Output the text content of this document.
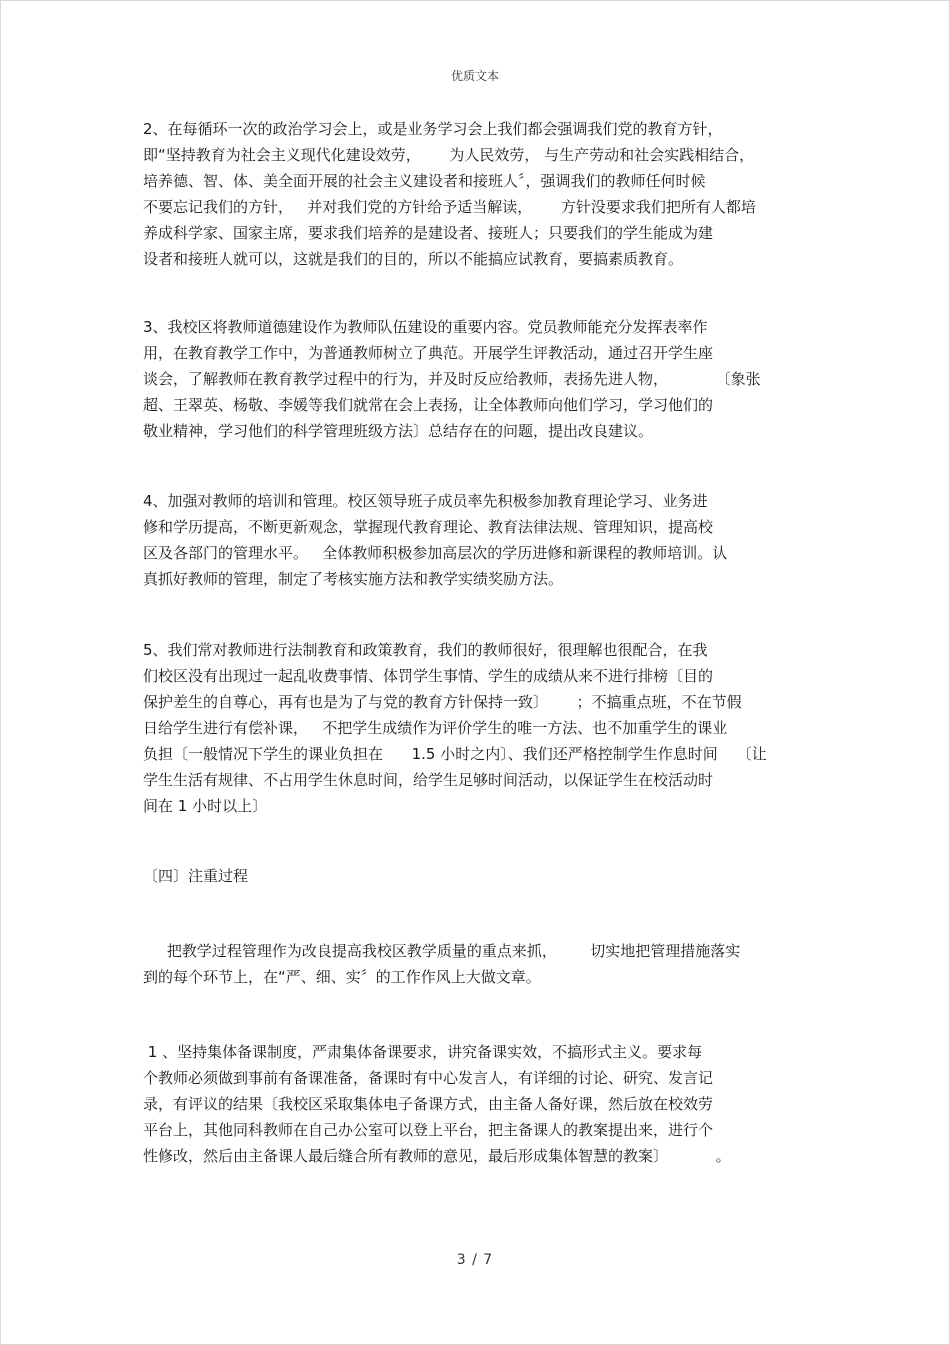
优质文本
2、在每循环一次的政治学习会上，或是业务学习会上我们都会强调我们党的教育方针，
即“坚持教育为社会主义现代化建设效劳，      为人民效劳， 与生产劳动和社会实践相结合，
培养德、智、体、美全面开展的社会主义建设者和接班人〞，强调我们的教师任何时候
不要忘记我们的方针，   并对我们党的方针给予适当解读，      方针没要求我们把所有人都培
养成科学家、国家主席，要求我们培养的是建设者、接班人；只要我们的学生能成为建
设者和接班人就可以，这就是我们的目的，所以不能搞应试教育，要搞素质教育。
3、我校区将教师道德建设作为教师队伍建设的重要内容。党员教师能充分发挥表率作
用，在教育教学工作中，为普通教师树立了典范。开展学生评教活动，通过召开学生座
谈会，了解教师在教育教学过程中的行为，并及时反应给教师，表扬先进人物，          〔象张
超、王翠英、杨敬、李媛等我们就常在会上表扬，让全体教师向他们学习，学习他们的
敬业精神，学习他们的科学管理班级方法〕总结存在的问题，提出改良建议。
4、加强对教师的培训和管理。校区领导班子成员率先积极参加教育理论学习、业务进
修和学历提高，不断更新观念，掌握现代教育理论、教育法律法规、管理知识，提高校
区及各部门的管理水平。   全体教师积极参加高层次的学历进修和新课程的教师培训。认
真抓好教师的管理，制定了考核实施方法和教学实绩奖励方法。
5、我们常对教师进行法制教育和政策教育，我们的教师很好，很理解也很配合，在我
们校区没有出现过一起乱收费事情、体罚学生事情、学生的成绩从来不进行排榜〔目的
保护差生的自尊心，再有也是为了与党的教育方针保持一致〕      ；不搞重点班，不在节假
日给学生进行有偿补课，   不把学生成绩作为评价学生的唯一方法、也不加重学生的课业
负担〔一般情况下学生的课业负担在      1.5 小时之内〕、我们还严格控制学生作息时间    〔让
学生生活有规律、不占用学生休息时间，给学生足够时间活动，以保证学生在校活动时
间在 1 小时以上〕
〔四〕注重过程
把教学过程管理作为改良提高我校区教学质量的重点来抓，       切实地把管理措施落实
到的每个环节上，在“严、细、实〞的工作作风上大做文章。
1 、坚持集体备课制度，严肃集体备课要求，讲究备课实效，不搞形式主义。要求每
个教师必须做到事前有备课准备，备课时有中心发言人，有详细的讨论、研究、发言记
录，有评议的结果〔我校区采取集体电子备课方式，由主备人备好课，然后放在校效劳
平台上，其他同科教师在自己办公室可以登上平台，把主备课人的教案提出来，进行个
性修改，然后由主备课人最后缝合所有教师的意见，最后形成集体智慧的教案〕          。
3 / 7
